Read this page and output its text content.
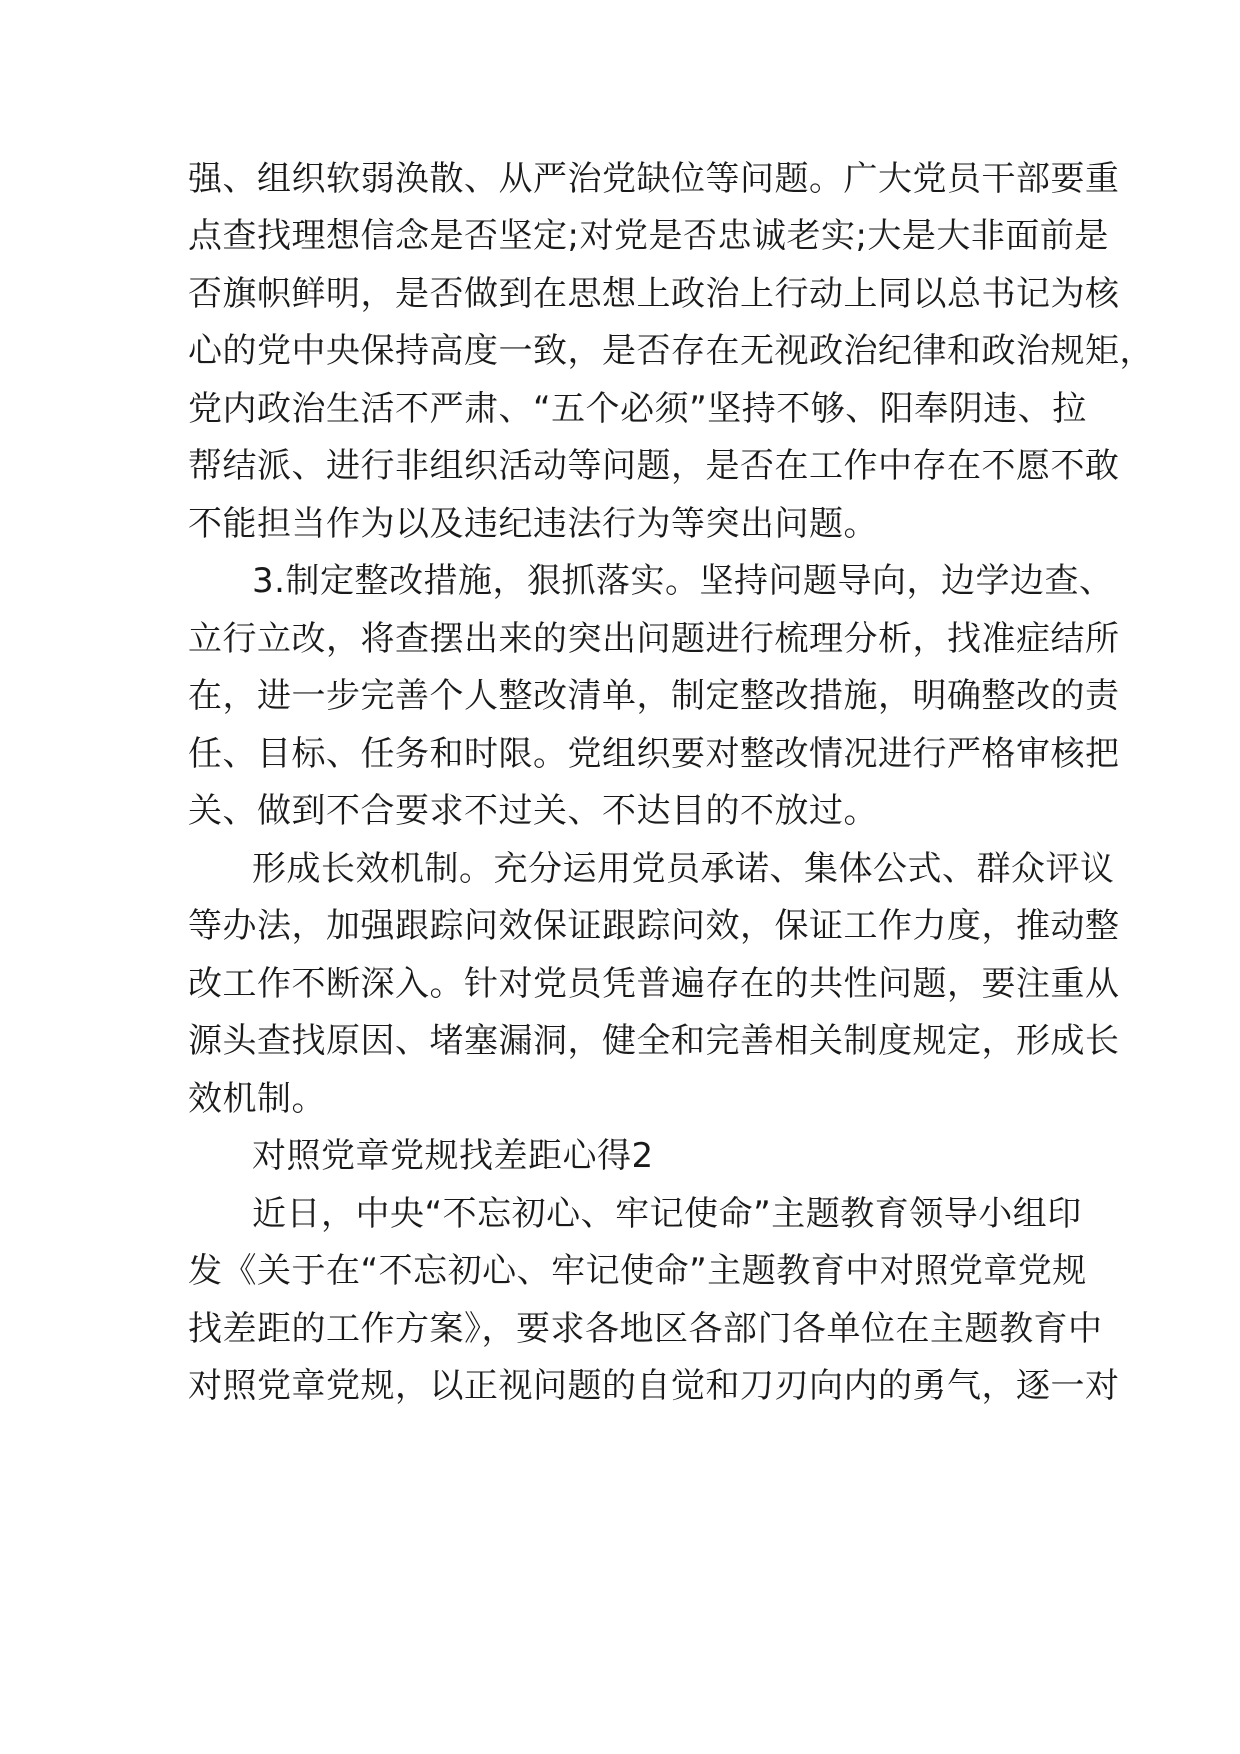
强、组织软弱涣散、从严治党缺位等问题。广大党员干部要重
点查找理想信念是否坚定;对党是否忠诚老实;大是大非面前是
否旗帜鲜明，是否做到在思想上政治上行动上同以总书记为核
心的党中央保持高度一致，是否存在无视政治纪律和政治规矩，
党内政治生活不严肃、“五个必须”坚持不够、阳奉阴违、拉
帮结派、进行非组织活动等问题，是否在工作中存在不愿不敢
不能担当作为以及违纪违法行为等突出问题。
3.制定整改措施，狠抓落实。坚持问题导向，边学边查、
立行立改，将查摆出来的突出问题进行梳理分析，找准症结所
在，进一步完善个人整改清单，制定整改措施，明确整改的责
任、目标、任务和时限。党组织要对整改情况进行严格审核把
关、做到不合要求不过关、不达目的不放过。
形成长效机制。充分运用党员承诺、集体公式、群众评议
等办法，加强跟踪问效保证跟踪问效，保证工作力度，推动整
改工作不断深入。针对党员凭普遍存在的共性问题，要注重从
源头查找原因、堵塞漏洞，健全和完善相关制度规定，形成长
效机制。
对照党章党规找差距心得2
近日，中央“不忘初心、牢记使命”主题教育领导小组印
发《关于在“不忘初心、牢记使命”主题教育中对照党章党规
找差距的工作方案》，要求各地区各部门各单位在主题教育中
对照党章党规，以正视问题的自觉和刀刃向内的勇气，逐一对
